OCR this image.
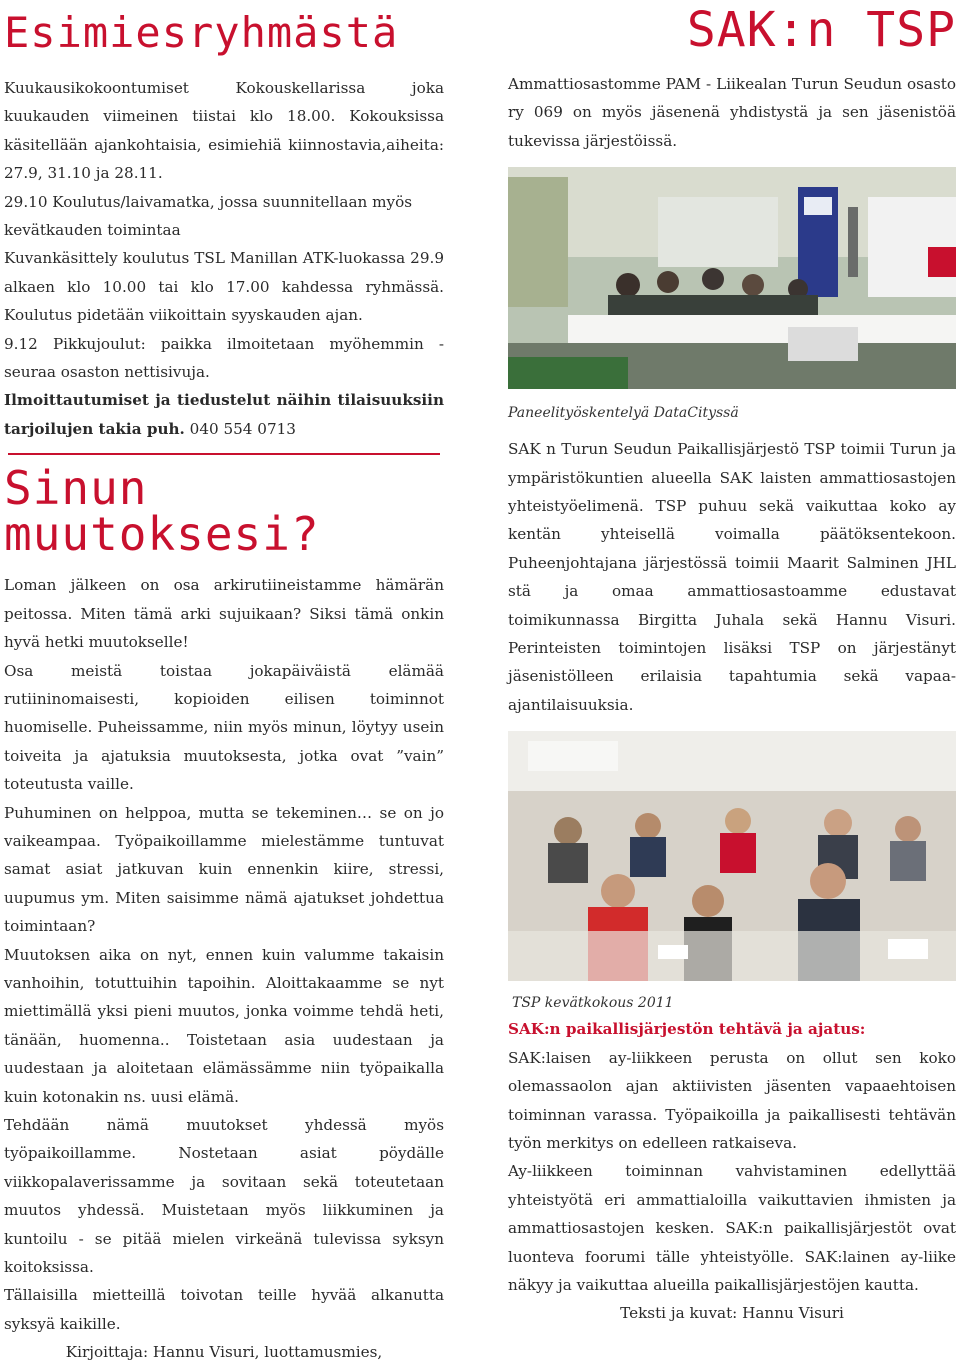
Esimiesryhmästä

Kuukausikokoontumiset Kokouskellarissa joka kuukauden viimeinen tiistai klo 18.00. Kokouksissa käsitellään ajankohtaisia, esimiehiä kiinnostavia,aiheita: 27.9, 31.10 ja 28.11.

29.10 Koulutus/laivamatka, jossa suunnitellaan myös kevätkauden toimintaa

Kuvankäsittely koulutus TSL Manillan ATK-luokassa 29.9 alkaen klo 10.00 tai klo 17.00 kahdessa ryhmässä. Koulutus pidetään viikoittain syyskauden ajan.

9.12 Pikkujoulut: paikka ilmoitetaan myöhemmin - seuraa osaston nettisivuja.

Ilmoittautumiset ja tiedustelut näihin tilaisuuksiin tarjoilujen takia puh. 040 554 0713

Sinun muutoksesi?

Loman jälkeen on osa arkirutiineistamme hämärän peitossa. Miten tämä arki sujuikaan? Siksi tämä onkin hyvä hetki muutokselle!

Osa meistä toistaa jokapäiväistä elämää rutiininomaisesti, kopioiden eilisen toiminnot huomiselle. Puheissamme, niin myös minun, löytyy usein toiveita ja ajatuksia muutoksesta, jotka ovat ”vain” toteutusta vaille.

Puhuminen on helppoa, mutta se tekeminen… se on jo vaikeampaa. Työpaikoillamme mielestämme tuntuvat samat asiat jatkuvan kuin ennenkin kiire, stressi, uupumus ym. Miten saisimme nämä ajatukset johdettua toimintaan?

Muutoksen aika on nyt, ennen kuin valumme takaisin vanhoihin, totuttuihin tapoihin. Aloittakaamme se nyt miettimällä yksi pieni muutos, jonka voimme tehdä heti, tänään, huomenna.. Toistetaan asia uudestaan ja uudestaan ja aloitetaan elämässämme niin työpaikalla kuin kotonakin ns. uusi elämä.

Tehdään nämä muutokset yhdessä myös työpaikoillamme. Nostetaan asiat pöydälle viikkopalaverissamme ja sovitaan sekä toteutetaan muutos yhdessä. Muistetaan myös liikkuminen ja kuntoilu - se pitää mielen virkeänä tulevissa syksyn koitoksissa.

Tällaisilla mietteillä toivotan teille hyvää alkanutta syksyä kaikille.

Kirjoittaja: Hannu Visuri, luottamusmies,

SAK:n TSP

Ammattiosastomme PAM - Liikealan Turun Seudun osasto ry 069 on myös jäsenenä yhdistystä ja sen jäsenistöä tukevissa järjestöissä.

Paneelityöskentelyä DataCityssä

SAK n Turun Seudun Paikallisjärjestö TSP toimii Turun ja ympäristökuntien alueella SAK laisten ammattiosastojen yhteistyöelimenä. TSP puhuu sekä vaikuttaa koko ay kentän yhteisellä voimalla päätöksentekoon. Puheenjohtajana järjestössä toimii Maarit Salminen JHL stä ja omaa ammattiosastoamme edustavat toimikunnassa Birgitta Juhala sekä Hannu Visuri. Perinteisten toimintojen lisäksi TSP on järjestänyt jäsenistölleen erilaisia tapahtumia sekä vapaa-ajantilaisuuksia.

TSP kevätkokous 2011
SAK:n paikallisjärjestön tehtävä ja ajatus:

SAK:laisen ay-liikkeen perusta on ollut sen koko olemassaolon ajan aktiivisten jäsenten vapaaehtoisen toiminnan varassa. Työpaikoilla ja paikallisesti tehtävän työn merkitys on edelleen ratkaiseva.

Ay-liikkeen toiminnan vahvistaminen edellyttää yhteistyötä eri ammattialoilla vaikuttavien ihmisten ja ammattiosastojen kesken. SAK:n paikallisjärjestöt ovat luonteva foorumi tälle yhteistyölle. SAK:lainen ay-liike näkyy ja vaikuttaa alueilla paikallisjärjestöjen kautta.

Teksti ja kuvat: Hannu Visuri
